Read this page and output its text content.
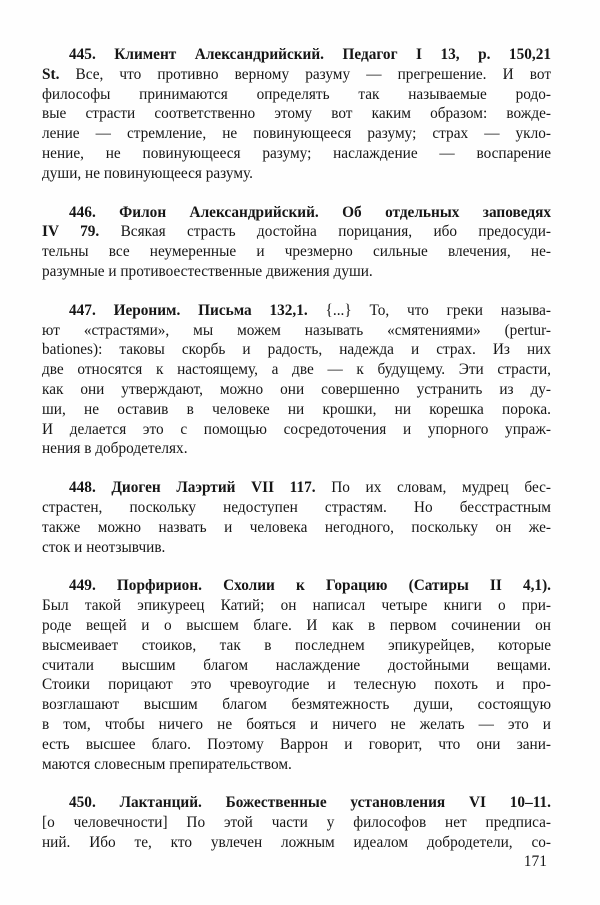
445. Климент Александрийский. Педагог I 13, р. 150,21
St. Все, что противно верному разуму — прегрешение. И вот
философы принимаются определять так называемые родо-
вые страсти соответственно этому вот каким образом: вожде-
ление — стремление, не повинующееся разуму; страх — укло-
нение, не повинующееся разуму; наслаждение — воспарение
души, не повинующееся разуму.

446. Филон Александрийский. Об отдельных заповедях
IV 79. Всякая страсть достойна порицания, ибо предосуди-
тельны все неумеренные и чрезмерно сильные влечения, не-
разумные и противоестественные движения души.

447. Иероним. Письма 132,1. {...} То, что греки называ-
ют «страстями», мы можем называть «смятениями» (pertur-
bationes): таковы скорбь и радость, надежда и страх. Из них
две относятся к настоящему, а две — к будущему. Эти страсти,
как они утверждают, можно они совершенно устранить из ду-
ши, не оставив в человеке ни крошки, ни корешка порока.
И делается это с помощью сосредоточения и упорного упраж-
нения в добродетелях.

448. Диоген Лаэртий VII 117. По их словам, мудрец бес-
страстен, поскольку недоступен страстям. Но бесстрастным
также можно назвать и человека негодного, поскольку он же-
сток и неотзывчив.

449. Порфирион. Схолии к Горацию (Сатиры II 4,1).
Был такой эпикуреец Катий; он написал четыре книги о при-
роде вещей и о высшем благе. И как в первом сочинении он
высмеивает стоиков, так в последнем эпикурейцев, которые
считали высшим благом наслаждение достойными вещами.
Стоики порицают это чревоугодие и телесную похоть и про-
возглашают высшим благом безмятежность души, состоящую
в том, чтобы ничего не бояться и ничего не желать — это и
есть высшее благо. Поэтому Варрон и говорит, что они зани-
маются словесным препирательством.

450. Лактанций. Божественные установления VI 10–11.
[о человечности] По этой части у философов нет предписа-
ний. Ибо те, кто увлечен ложным идеалом добродетели, со-

171
